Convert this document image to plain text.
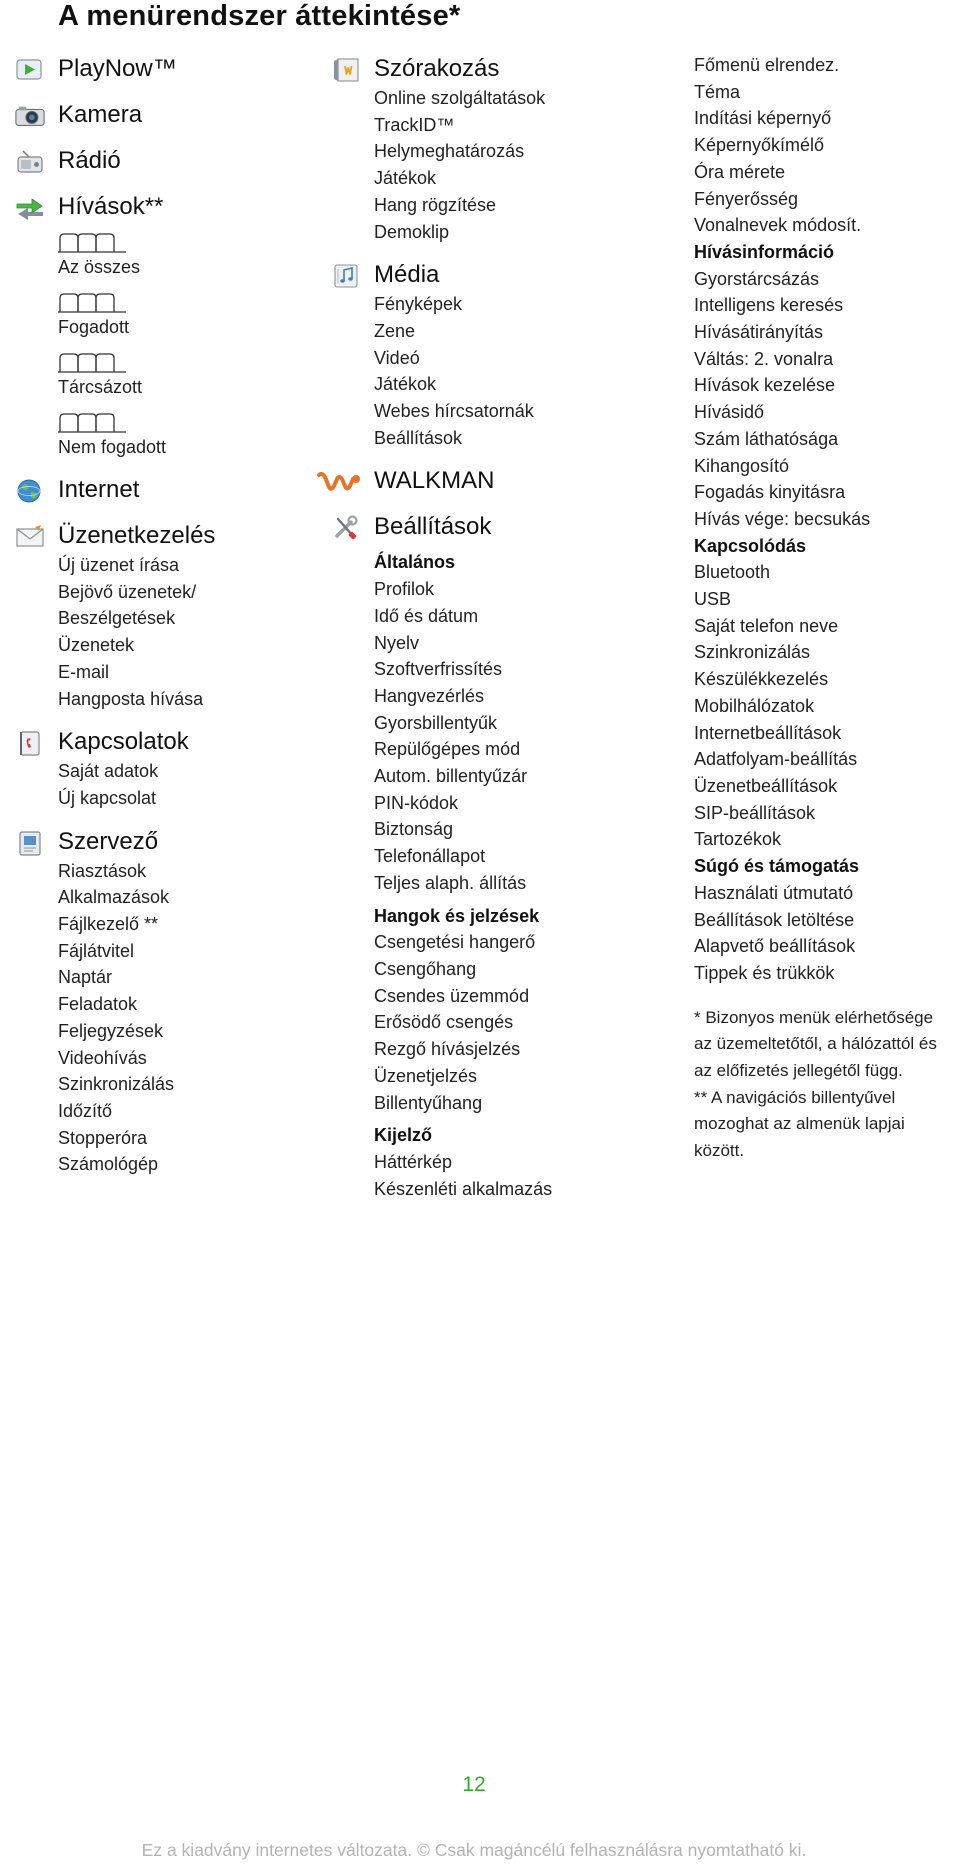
A menürendszer áttekintése*
PlayNow™
Kamera
Rádió
Hívások**
Az összes
Fogadott
Tárcsázott
Nem fogadott
Internet
Üzenetkezelés
Új üzenet írása
Bejövő üzenetek/
Beszélgetések
Üzenetek
E-mail
Hangposta hívása
Kapcsolatok
Saját adatok
Új kapcsolat
Szervező
Riasztások
Alkalmazások
Fájlkezelő **
Fájlátvitel
Naptár
Feladatok
Feljegyzések
Videohívás
Szinkronizálás
Időzítő
Stopperóra
Számológép
Szórakozás
Online szolgáltatások
TrackID™
Helymeghatározás
Játékok
Hang rögzítése
Demoklip
Média
Fényképek
Zene
Videó
Játékok
Webes hírcsatornák
Beállítások
WALKMAN
Beállítások
Általános
Profilok
Idő és dátum
Nyelv
Szoftverfrissítés
Hangvezérlés
Gyorsbillentyűk
Repülőgépes mód
Autom. billentyűzár
PIN-kódok
Biztonság
Telefonállapot
Teljes alaph. állítás
Hangok és jelzések
Csengetési hangerő
Csengőhang
Csendes üzemmód
Erősödő csengés
Rezgő hívásjelzés
Üzenetjelzés
Billentyűhang
Kijelző
Háttérkép
Készenléti alkalmazás
Főmenü elrendez.
Téma
Indítási képernyő
Képernyőkímélő
Óra mérete
Fényerősség
Vonalnevek módosít.
Hívásinformáció
Gyorstárcsázás
Intelligens keresés
Hívásátirányítás
Váltás: 2. vonalra
Hívások kezelése
Hívásidő
Szám láthatósága
Kihangosító
Fogadás kinyitásra
Hívás vége: becsukás
Kapcsolódás
Bluetooth
USB
Saját telefon neve
Szinkronizálás
Készülékkezelés
Mobilhálózatok
Internetbeállítások
Adatfolyam-beállítás
Üzenetbeállítások
SIP-beállítások
Tartozékok
Súgó és támogatás
Használati útmutató
Beállítások letöltése
Alapvető beállítások
Tippek és trükkök
* Bizonyos menük elérhetősége
az üzemeltetőtől, a hálózattól és
az előfizetés jellegétől függ.
** A navigációs billentyűvel
mozoghat az almenük lapjai
között.
12
Ez a kiadvány internetes változata. © Csak magáncélú felhasználásra nyomtatható ki.
